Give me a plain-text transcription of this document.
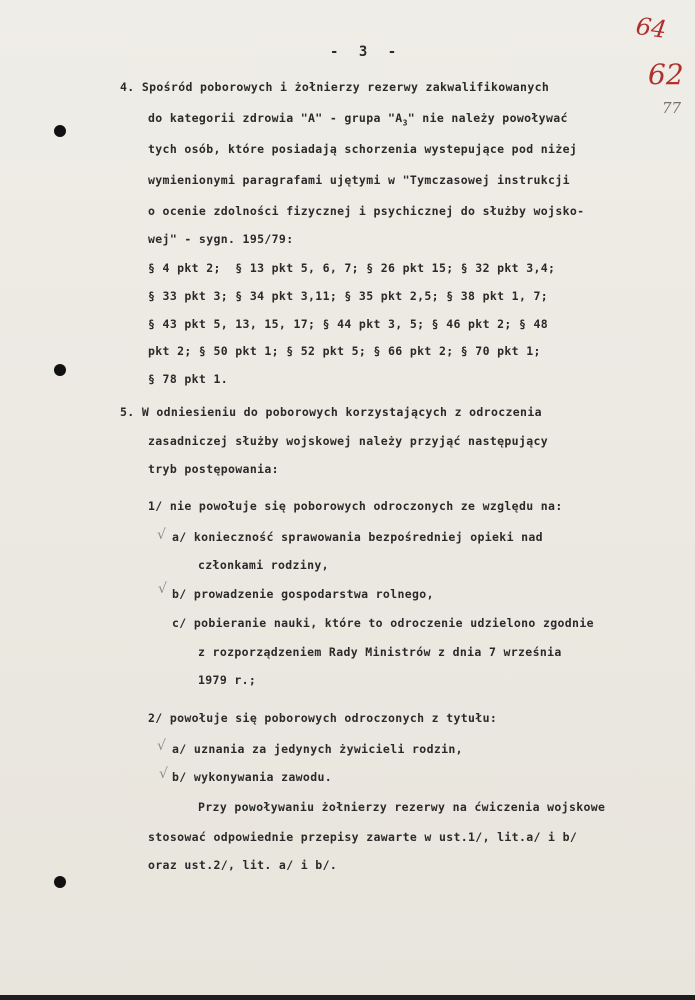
64
62
77
- 3 -
4. Spośród poborowych i żołnierzy rezerwy zakwalifikowanych
do kategorii zdrowia "A" - grupa "$A_3$" nie należy powoływać
tych osób, które posiadają schorzenia wystepujące pod niżej
wymienionymi paragrafami ujętymi w "Tymczasowej instrukcji
o ocenie zdolności fizycznej i psychicznej do służby wojsko-
wej" - sygn. 195/79:
§ 4 pkt 2;  § 13 pkt 5, 6, 7; § 26 pkt 15; § 32 pkt 3,4;
§ 33 pkt 3; § 34 pkt 3,11; § 35 pkt 2,5; § 38 pkt 1, 7;
§ 43 pkt 5, 13, 15, 17; § 44 pkt 3, 5; § 46 pkt 2; § 48
pkt 2; § 50 pkt 1; § 52 pkt 5; § 66 pkt 2; § 70 pkt 1;
§ 78 pkt 1.
5. W odniesieniu do poborowych korzystających z odroczenia
zasadniczej służby wojskowej należy przyjąć następujący
tryb postępowania:
1/ nie powołuje się poborowych odroczonych ze względu na:
√ a/ konieczność sprawowania bezpośredniej opieki nad
członkami rodziny,
√ b/ prowadzenie gospodarstwa rolnego,
c/ pobieranie nauki, które to odroczenie udzielono zgodnie
z rozporządzeniem Rady Ministrów z dnia 7 września
1979 r.;
2/ powołuje się poborowych odroczonych z tytułu:
√ a/ uznania za jedynych żywicieli rodzin,
√ b/ wykonywania zawodu.
Przy powoływaniu żołnierzy rezerwy na ćwiczenia wojskowe
stosować odpowiednie przepisy zawarte w ust.1/, lit.a/ i b/
oraz ust.2/, lit. a/ i b/.
